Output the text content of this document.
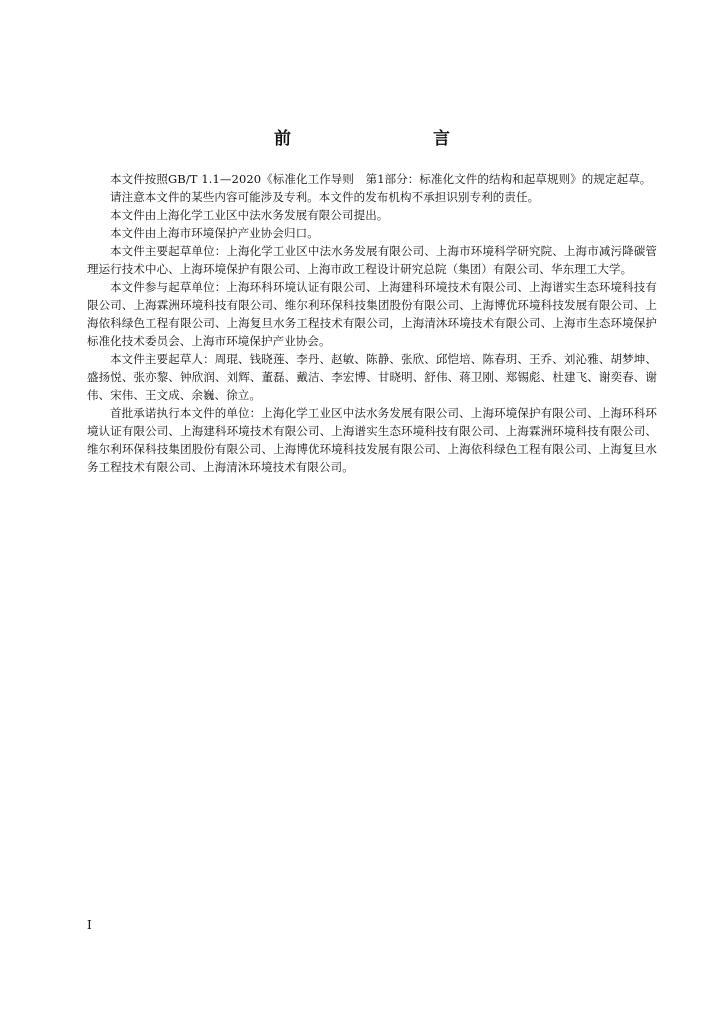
前　　言

本文件按照GB/T 1.1—2020《标准化工作导则　第1部分：标准化文件的结构和起草规则》的规定起草。

请注意本文件的某些内容可能涉及专利。本文件的发布机构不承担识别专利的责任。

本文件由上海化学工业区中法水务发展有限公司提出。

本文件由上海市环境保护产业协会归口。

本文件主要起草单位：上海化学工业区中法水务发展有限公司、上海市环境科学研究院、上海市减污降碳管理运行技术中心、上海环境保护有限公司、上海市政工程设计研究总院（集团）有限公司、华东理工大学。

本文件参与起草单位：上海环科环境认证有限公司、上海建科环境技术有限公司、上海谱实生态环境科技有限公司、上海霖洲环境科技有限公司、维尔利环保科技集团股份有限公司、上海博优环境科技发展有限公司、上海依科绿色工程有限公司、上海复旦水务工程技术有限公司，上海清沐环境技术有限公司、上海市生态环境保护标准化技术委员会、上海市环境保护产业协会。

本文件主要起草人：周琨、钱晓莲、李丹、赵敏、陈静、张欣、邱恺培、陈春玥、王乔、刘沁雅、胡梦坤、盛扬悦、张亦黎、钟欣润、刘辉、董磊、戴洁、李宏博、甘晓明、舒伟、蒋卫刚、郑锡彪、杜建飞、谢奕春、谢伟、宋伟、王文成、余巍、徐立。

首批承诺执行本文件的单位：上海化学工业区中法水务发展有限公司、上海环境保护有限公司、上海环科环境认证有限公司、上海建科环境技术有限公司、上海谱实生态环境科技有限公司、上海霖洲环境科技有限公司、维尔利环保科技集团股份有限公司、上海博优环境科技发展有限公司、上海依科绿色工程有限公司、上海复旦水务工程技术有限公司、上海清沐环境技术有限公司。

I
